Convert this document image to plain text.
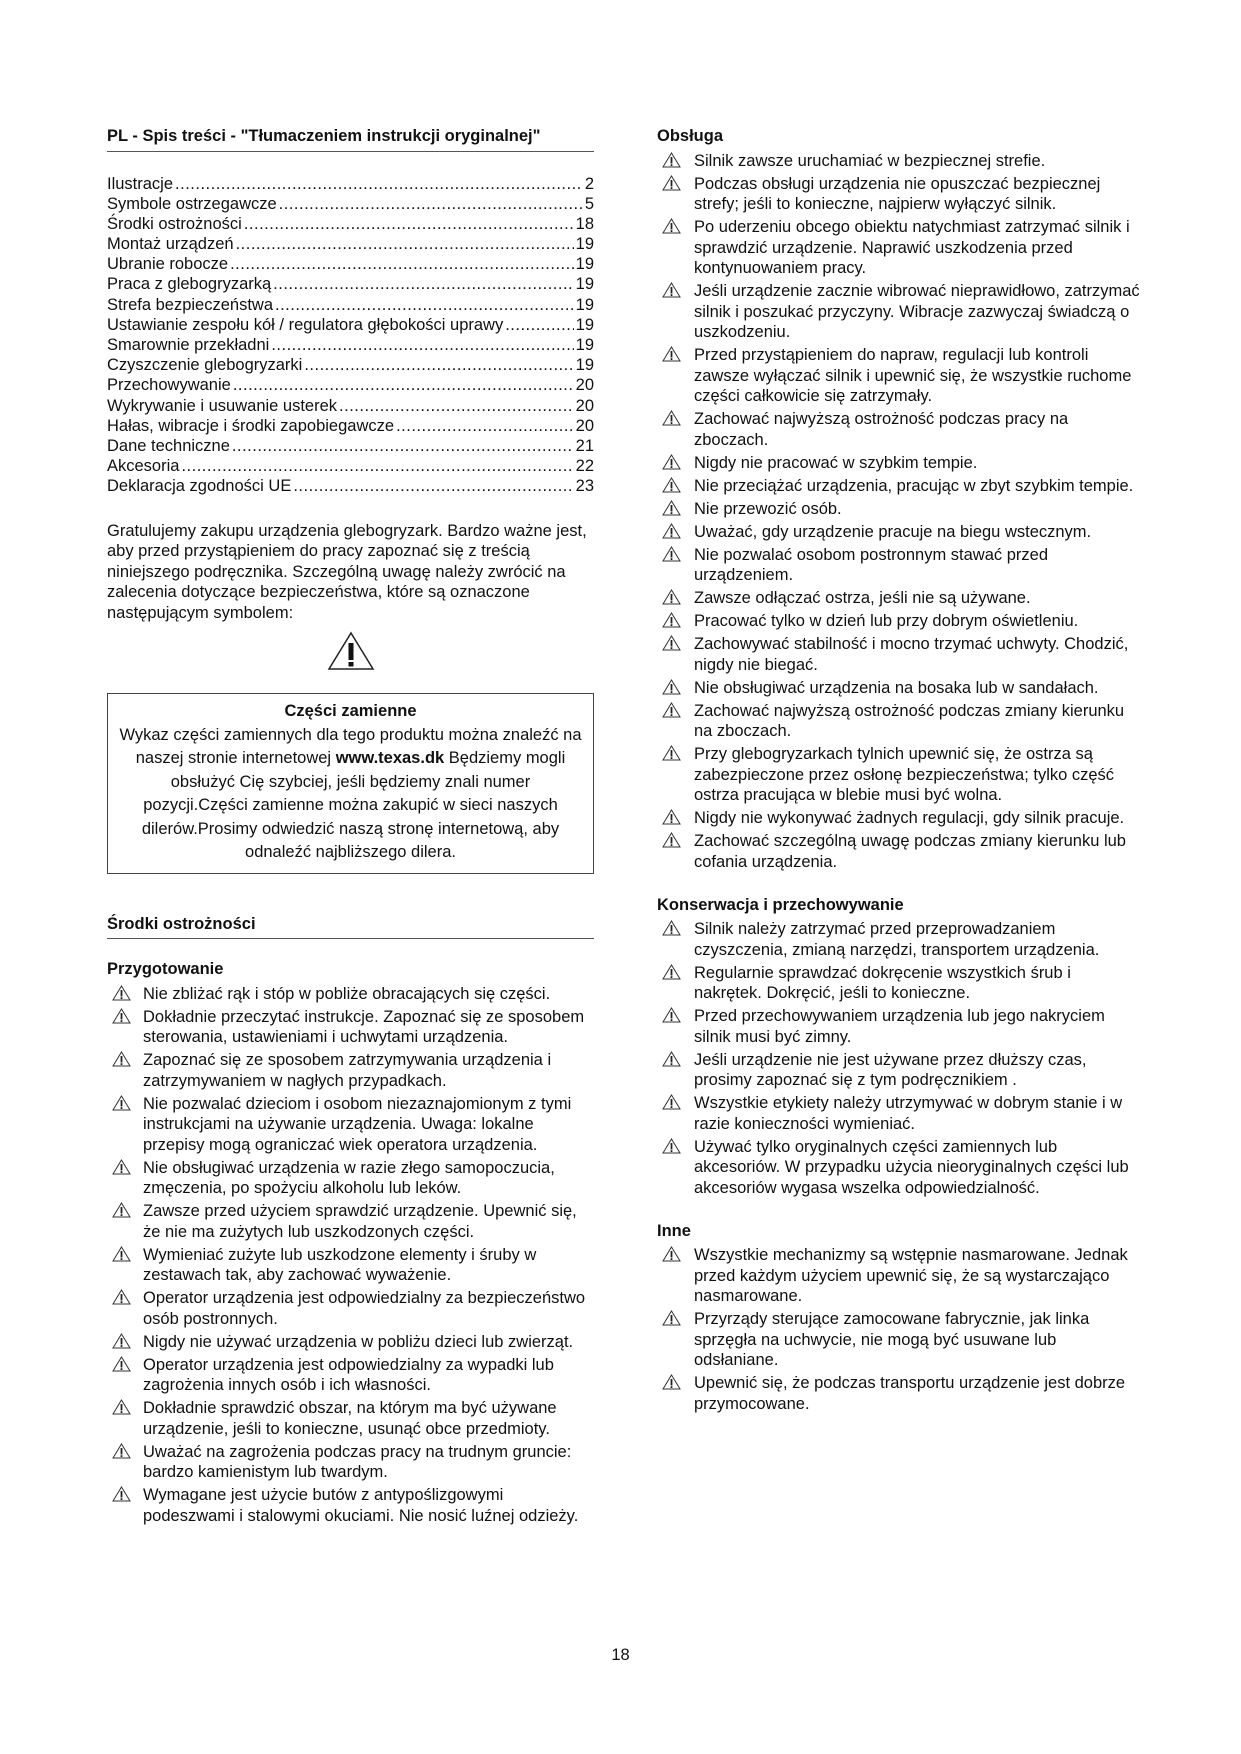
PL - Spis treści - "Tłumaczeniem instrukcji oryginalnej"
Ilustracje .....	2
Symbole ostrzegawcze .....	5
Środki ostrożności .....	18
Montaż urządzeń .....	19
Ubranie robocze .....	19
Praca z glebogryzarką .....	19
Strefa bezpieczeństwa .....	19
Ustawianie zespołu kół / regulatora głębokości uprawy .....	19
Smarownie przekładni .....	19
Czyszczenie glebogryzarki .....	19
Przechowywanie .....	20
Wykrywanie i usuwanie usterek .....	20
Hałas, wibracje i środki zapobiegawcze .....	20
Dane techniczne .....	21
Akcesoria .....	22
Deklaracja zgodności UE .....	23
Gratulujemy zakupu urządzenia glebogryzark. Bardzo ważne jest, aby przed przystąpieniem do pracy zapoznać się z treścią niniejszego podręcznika. Szczególną uwagę należy zwrócić na zalecenia dotyczące bezpieczeństwa, które są oznaczone następującym symbolem:
Części zamienne
Wykaz części zamiennych dla tego produktu można znaleźć na naszej stronie internetowej www.texas.dk Będziemy mogli obsłużyć Cię szybciej, jeśli będziemy znali numer pozycji.Części zamienne można zakupić w sieci naszych dilerów.Prosimy odwiedzić naszą stronę internetową, aby odnaleźć najbliższego dilera.
Środki ostrożności
Przygotowanie
Nie zbliżać rąk i stóp w pobliże obracających się części.
Dokładnie przeczytać instrukcje. Zapoznać się ze sposobem sterowania, ustawieniami i uchwytami urządzenia.
Zapoznać się ze sposobem zatrzymywania urządzenia i zatrzymywaniem w nagłych przypadkach.
Nie pozwalać dzieciom i osobom niezaznajomionym z tymi instrukcjami na używanie urządzenia. Uwaga: lokalne przepisy mogą ograniczać wiek operatora urządzenia.
Nie obsługiwać urządzenia w razie złego samopoczucia, zmęczenia, po spożyciu alkoholu lub leków.
Zawsze przed użyciem sprawdzić urządzenie. Upewnić się, że nie ma zużytych lub uszkodzonych części.
Wymieniać zużyte lub uszkodzone elementy i śruby w zestawach tak, aby zachować wyważenie.
Operator urządzenia jest odpowiedzialny za bezpieczeństwo osób postronnych.
Nigdy nie używać urządzenia w pobliżu dzieci lub zwierząt.
Operator urządzenia jest odpowiedzialny za wypadki lub zagrożenia innych osób i ich własności.
Dokładnie sprawdzić obszar, na którym ma być używane urządzenie, jeśli to konieczne, usunąć obce przedmioty.
Uważać na zagrożenia podczas pracy na trudnym gruncie: bardzo kamienistym lub twardym.
Wymagane jest użycie butów z antypoślizgowymi podeszwami i stalowymi okuciami. Nie nosić luźnej odzieży.
Obsługa
Silnik zawsze uruchamiać w bezpiecznej strefie.
Podczas obsługi urządzenia nie opuszczać bezpiecznej strefy; jeśli to konieczne, najpierw wyłączyć silnik.
Po uderzeniu obcego obiektu natychmiast zatrzymać silnik i sprawdzić urządzenie. Naprawić uszkodzenia przed kontynuowaniem pracy.
Jeśli urządzenie zacznie wibrować nieprawidłowo, zatrzymać silnik i poszukać przyczyny. Wibracje zazwyczaj świadczą o uszkodzeniu.
Przed przystąpieniem do napraw, regulacji lub kontroli zawsze wyłączać silnik i upewnić się, że wszystkie ruchome części całkowicie się zatrzymały.
Zachować najwyższą ostrożność podczas pracy na zboczach.
Nigdy nie pracować w szybkim tempie.
Nie przeciążać urządzenia, pracując w zbyt szybkim tempie.
Nie przewozić osób.
Uważać, gdy urządzenie pracuje na biegu wstecznym.
Nie pozwalać osobom postronnym stawać przed urządzeniem.
Zawsze odłączać ostrza, jeśli nie są używane.
Pracować tylko w dzień lub przy dobrym oświetleniu.
Zachowywać stabilność i mocno trzymać uchwyty. Chodzić, nigdy nie biegać.
Nie obsługiwać urządzenia na bosaka lub w sandałach.
Zachować najwyższą ostrożność podczas zmiany kierunku na zboczach.
Przy glebogryzarkach tylnich upewnić się, że ostrza są zabezpieczone przez osłonę bezpieczeństwa; tylko część ostrza pracująca w blebie musi być wolna.
Nigdy nie wykonywać żadnych regulacji, gdy silnik pracuje.
Zachować szczególną uwagę podczas zmiany kierunku lub cofania urządzenia.
Konserwacja i przechowywanie
Silnik należy zatrzymać przed przeprowadzaniem czyszczenia, zmianą narzędzi, transportem urządzenia.
Regularnie sprawdzać dokręcenie wszystkich śrub i nakrętek. Dokręcić, jeśli to konieczne.
Przed przechowywaniem urządzenia lub jego nakryciem silnik musi być zimny.
Jeśli urządzenie nie jest używane przez dłuższy czas, prosimy zapoznać się z tym podręcznikiem .
Wszystkie etykiety należy utrzymywać w dobrym stanie i w razie konieczności wymieniać.
Używać tylko oryginalnych części zamiennych lub akcesoriów. W przypadku użycia nieoryginalnych części lub akcesoriów wygasa wszelka odpowiedzialność.
Inne
Wszystkie mechanizmy są wstępnie nasmarowane. Jednak przed każdym użyciem upewnić się, że są wystarczająco nasmarowane.
Przyrządy sterujące zamocowane fabrycznie, jak linka sprzęgła na uchwycie, nie mogą być usuwane lub odsłaniane.
Upewnić się, że podczas transportu urządzenie jest dobrze przymocowane.
18
